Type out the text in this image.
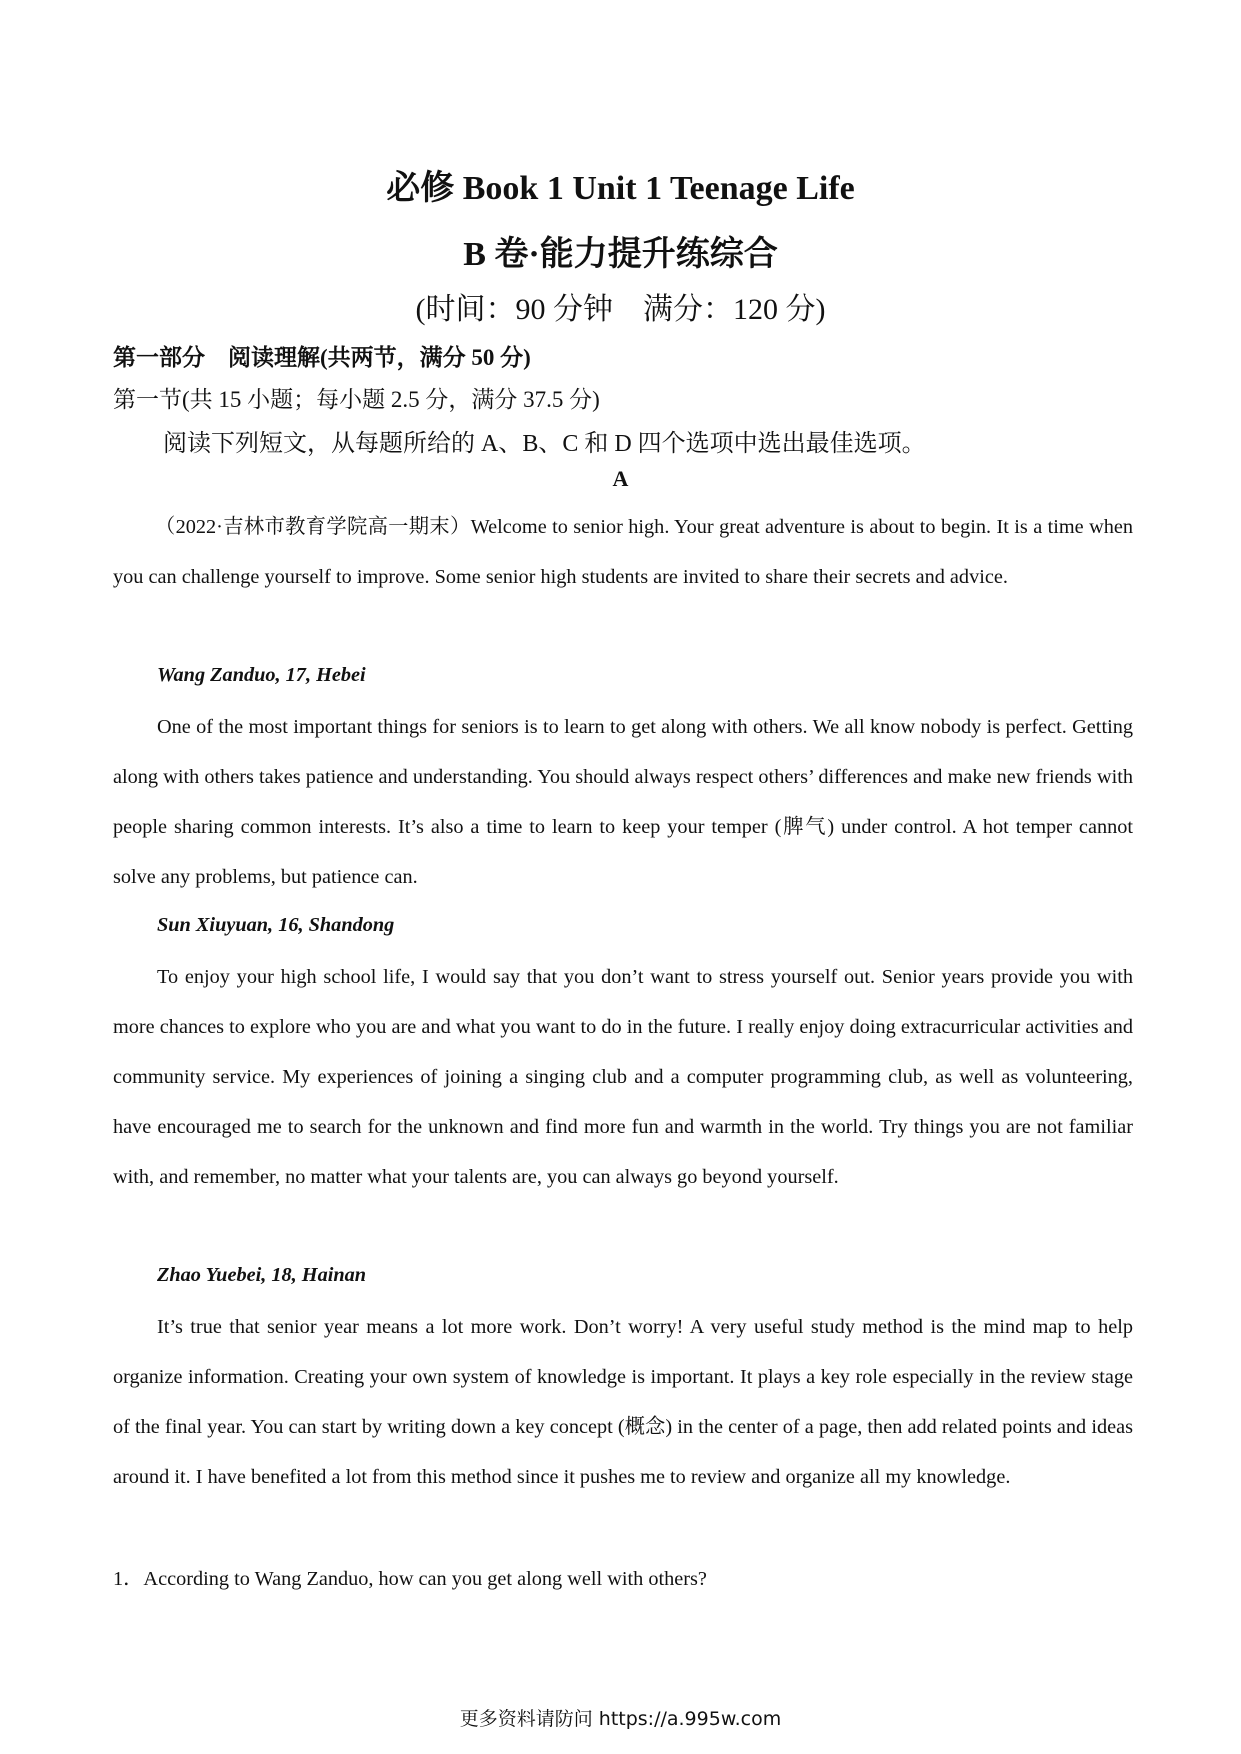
必修 Book 1 Unit 1 Teenage Life
B 卷·能力提升练综合
(时间：90 分钟　满分：120 分)
第一部分　阅读理解(共两节，满分 50 分)
第一节(共 15 小题；每小题 2.5 分，满分 37.5 分)
阅读下列短文，从每题所给的 A、B、C 和 D 四个选项中选出最佳选项。
A

（2022·吉林市教育学院高一期末）Welcome to senior high. Your great adventure is about to begin. It is a time when you can challenge yourself to improve. Some senior high students are invited to share their secrets and advice.

Wang Zanduo, 17, Hebei

One of the most important things for seniors is to learn to get along with others. We all know nobody is perfect. Getting along with others takes patience and understanding. You should always respect others’ differences and make new friends with people sharing common interests. It’s also a time to learn to keep your temper (脾气) under control. A hot temper cannot solve any problems, but patience can.

Sun Xiuyuan, 16, Shandong

To enjoy your high school life, I would say that you don’t want to stress yourself out. Senior years provide you with more chances to explore who you are and what you want to do in the future. I really enjoy doing extracurricular activities and community service. My experiences of joining a singing club and a computer programming club, as well as volunteering, have encouraged me to search for the unknown and find more fun and warmth in the world. Try things you are not familiar with, and remember, no matter what your talents are, you can always go beyond yourself.

Zhao Yuebei, 18, Hainan

It’s true that senior year means a lot more work. Don’t worry! A very useful study method is the mind map to help organize information. Creating your own system of knowledge is important. It plays a key role especially in the review stage of the final year. You can start by writing down a key concept (概念) in the center of a page, then add related points and ideas around it. I have benefited a lot from this method since it pushes me to review and organize all my knowledge.

1．According to Wang Zanduo, how can you get along well with others?
更多资料请防问 https://a.995w.com
